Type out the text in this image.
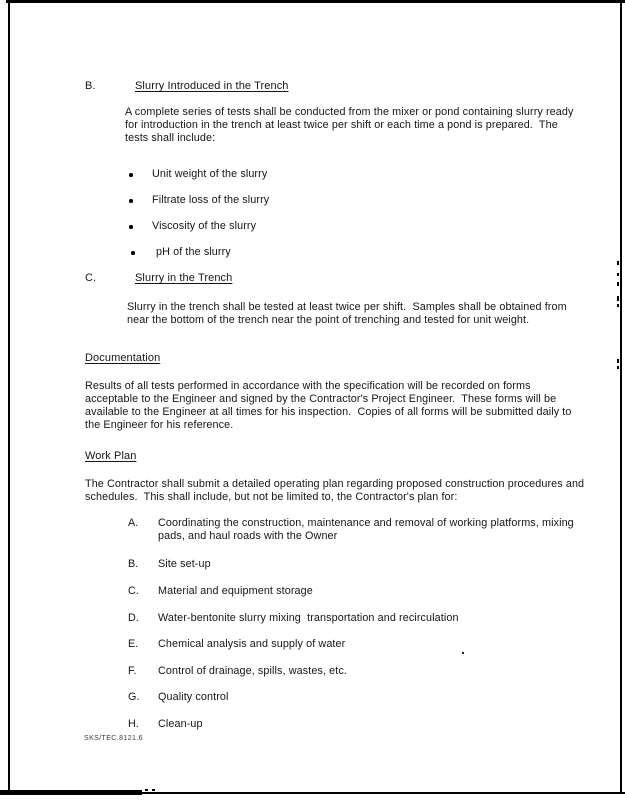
B.	Slurry Introduced in the Trench
A complete series of tests shall be conducted from the mixer or pond containing slurry ready for introduction in the trench at least twice per shift or each time a pond is prepared.  The tests shall include:
Unit weight of the slurry
Filtrate loss of the slurry
Viscosity of the slurry
pH of the slurry
C.	Slurry in the Trench
Slurry in the trench shall be tested at least twice per shift.  Samples shall be obtained from near the bottom of the trench near the point of trenching and tested for unit weight.
Documentation
Results of all tests performed in accordance with the specification will be recorded on forms acceptable to the Engineer and signed by the Contractor's Project Engineer.  These forms will be available to the Engineer at all times for his inspection.  Copies of all forms will be submitted daily to the Engineer for his reference.
Work Plan
The Contractor shall submit a detailed operating plan regarding proposed construction procedures and schedules.  This shall include, but not be limited to, the Contractor's plan for:
A. Coordinating the construction, maintenance and removal of working platforms, mixing pads, and haul roads with the Owner
B. Site set-up
C. Material and equipment storage
D. Water-bentonite slurry mixing  transportation and recirculation
E. Chemical analysis and supply of water
F. Control of drainage, spills, wastes, etc.
G. Quality control
H. Clean-up
SKS/TEC.8121.6
